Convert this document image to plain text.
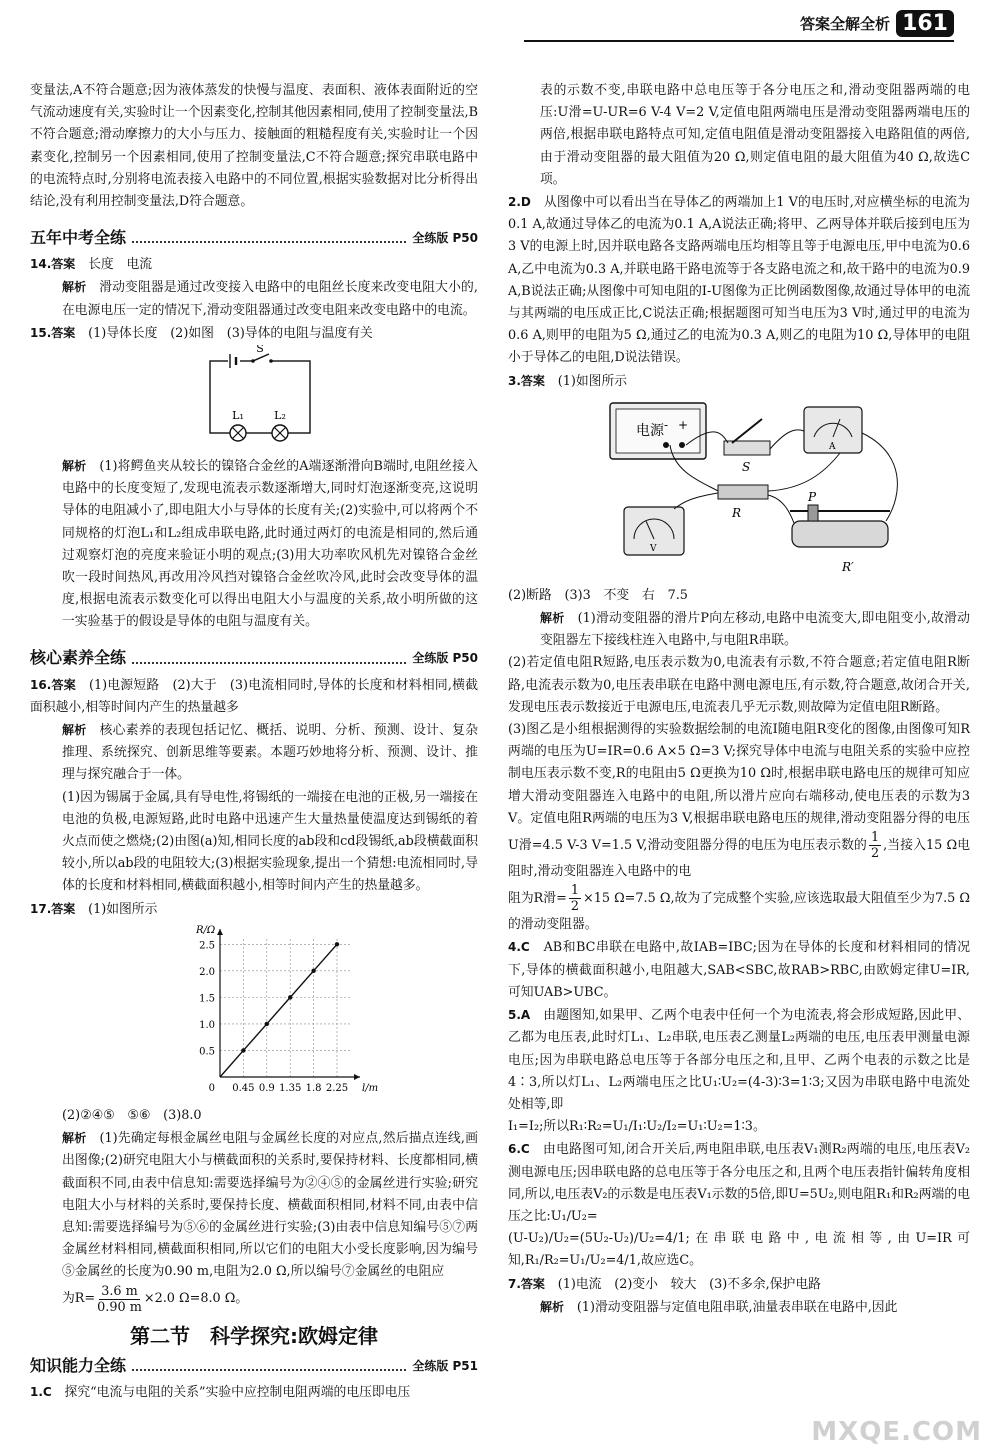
答案全解全析 161

变量法,A不符合题意;因为液体蒸发的快慢与温度、表面积、液体表面附近的空气流动速度有关,实验时让一个因素变化,控制其他因素相同,使用了控制变量法,B不符合题意;滑动摩擦力的大小与压力、接触面的粗糙程度有关,实验时让一个因素变化,控制另一个因素相同,使用了控制变量法,C不符合题意;探究串联电路中的电流特点时,分别将电流表接入电路中的不同位置,根据实验数据对比分析得出结论,没有利用控制变量法,D符合题意。

五年中考全练	全练版 P50

14.答案　 长度　电流

解析　 滑动变阻器是通过改变接入电路中的电阻丝长度来改变电阻大小的,在电源电压一定的情况下,滑动变阻器通过改变电阻来改变电路中的电流。

15.答案　 (1)导体长度　(2)如图　(3)导体的电阻与温度有关

S
L₁	L₂

解析　 (1)将鳄鱼夹从较长的镍铬合金丝的A端逐渐滑向B端时,电阻丝接入电路中的长度变短了,发现电流表示数逐渐增大,同时灯泡逐渐变亮,这说明导体的电阻减小了,即电阻大小与导体的长度有关;(2)实验中,可以将两个不同规格的灯泡L₁和L₂组成串联电路,此时通过两灯的电流是相同的,然后通过观察灯泡的亮度来验证小明的观点;(3)用大功率吹风机先对镍铬合金丝吹一段时间热风,再改用冷风挡对镍铬合金丝吹冷风,此时会改变导体的温度,根据电流表示数变化可以得出电阻大小与温度的关系,故小明所做的这一实验基于的假设是导体的电阻与温度有关。

核心素养全练	全练版 P50

16.答案　 (1)电源短路　(2)大于　(3)电流相同时,导体的长度和材料相同,横截面积越小,相等时间内产生的热量越多

解析　 核心素养的表现包括记忆、概括、说明、分析、预测、设计、复杂推理、系统探究、创新思维等要素。本题巧妙地将分析、预测、设计、推理与探究融合于一体。

(1)因为锡属于金属,具有导电性,将锡纸的一端接在电池的正极,另一端接在电池的负极,电源短路,此时电路中迅速产生大量热量使温度达到锡纸的着火点而使之燃烧;(2)由图(a)知,相同长度的ab段和cd段锡纸,ab段横截面积较小,所以ab段的电阻较大;(3)根据实验现象,提出一个猜想:电流相同时,导体的长度和材料相同,横截面积越小,相等时间内产生的热量越多。

17.答案　 (1)如图所示

0.45 0.9 1.35 1.8 2.25
0.5
1.0
1.5
2.0
2.5
0
R/Ω
l/m

(2)②④⑤　⑤⑥　(3)8.0

解析　 (1)先确定每根金属丝电阻与金属丝长度的对应点,然后描点连线,画出图像;(2)研究电阻大小与横截面积的关系时,要保持材料、长度都相同,横截面积不同,由表中信息知:需要选择编号为②④⑤的金属丝进行实验;研究电阻大小与材料的关系时,要保持长度、横截面积相同,材料不同,由表中信息知:需要选择编号为⑤⑥的金属丝进行实验;(3)由表中信息知编号⑤⑦两金属丝材料相同,横截面积相同,所以它们的电阻大小受长度影响,因为编号⑤金属丝的长度为0.90 m,电阻为2.0 Ω,所以编号⑦金属丝的电阻应

为$R= \frac{3.6 m}{0.90 m} \times 2.0$ Ω=8.0 Ω。

第二节　科学探究:欧姆定律
知识能力全练	全练版 P51

1.C　 探究“电流与电阻的关系”实验中应控制电阻两端的电压即电压

表的示数不变,串联电路中总电压等于各分电压之和,滑动变阻器两端的电压:U滑=U-UR=6 V-4 V=2 V,定值电阻两端电压是滑动变阻器两端电压的两倍,根据串联电路特点可知,定值电阻值是滑动变阻器接入电路阻值的两倍,由于滑动变阻器的最大阻值为20 Ω,则定值电阻的最大阻值为40 Ω,故选C项。

2.D　 从图像中可以看出当在导体乙的两端加上1 V的电压时,对应横坐标的电流为0.1 A,故通过导体乙的电流为0.1 A,A说法正确;将甲、乙两导体并联后接到电压为3 V的电源上时,因并联电路各支路两端电压均相等且等于电源电压,甲中电流为0.6 A,乙中电流为0.3 A,并联电路干路电流等于各支路电流之和,故干路中的电流为0.9 A,B说法正确;从图像中可知电阻的I-U图像为正比例函数图像,故通过导体甲的电流与其两端的电压成正比,C说法正确;根据题图可知当电压为3 V时,通过甲的电流为0.6 A,则甲的电阻为5 Ω,通过乙的电流为0.3 A,则乙的电阻为10 Ω,导体甲的电阻小于导体乙的电阻,D说法错误。

3.答案　 (1)如图所示

电源 - +
S
A
R
V
P
R′

(2)断路　(3)3　不变　右　7.5

解析　 (1)滑动变阻器的滑片P向左移动,电路中电流变大,即电阻变小,故滑动变阻器左下接线柱连入电路中,与电阻R串联。

(2)若定值电阻R短路,电压表示数为0,电流表有示数,不符合题意;若定值电阻R断路,电流表示数为0,电压表串联在电路中测电源电压,有示数,符合题意,故闭合开关,发现电压表示数接近于电源电压,电流表几乎无示数,则故障为定值电阻R断路。

(3)图乙是小组根据测得的实验数据绘制的电流I随电阻R变化的图像,由图像可知R两端的电压为U=IR=0.6 A×5 Ω=3 V;探究导体中电流与电阻关系的实验中应控制电压表示数不变,R的电阻由5 Ω更换为10 Ω时,根据串联电路电压的规律可知应增大滑动变阻器连入电路中的电阻,所以滑片应向右端移动,使电压表的示数为3 V。定值电阻R两端的电压为3 V,根据串联电路电压的规律,滑动变阻器分得的电压U滑=4.5 V-3 V=1.5 V,滑动变阻器分得的电压为电压表示数的 $\frac{1}{2}$ ,当接入15 Ω电阻时,滑动变阻器连入电路中的电

阻为R滑= $\frac{1}{2} \times 15$ Ω=7.5 Ω,故为了完成整个实验,应该选取最大阻值至少为7.5 Ω的滑动变阻器。

4.C　 AB和BC串联在电路中,故IAB=IBC;因为在导体的长度和材料相同的情况下,导体的横截面积越小,电阻越大,SAB<SBC,故RAB>RBC,由欧姆定律U=IR,可知UAB>UBC。

5.A　 由题图知,如果甲、乙两个电表中任何一个为电流表,将会形成短路,因此甲、乙都为电压表,此时灯L₁、L₂串联,电压表乙测量L₂两端的电压,电压表甲测量电源电压;因为串联电路总电压等于各部分电压之和,且甲、乙两个电表的示数之比是4∶3,所以灯L₁、L₂两端电压之比U₁∶U₂=(4-3)∶3=1∶3;又因为串联电路中电流处处相等,即

I₁=I₂;所以R₁∶R₂=U₁/I₁∶U₂/I₂=U₁∶U₂=1∶3。

6.C　 由电路图可知,闭合开关后,两电阻串联,电压表V₁测R₂两端的电压,电压表V₂测电源电压;因串联电路的总电压等于各分电压之和,且两个电压表指针偏转角度相同,所以,电压表V₂的示数是电压表V₁示数的5倍,即U=5U₂,则电阻R₁和R₂两端的电压之比:U₁/U₂=

(U-U₂)/U₂=(5U₂-U₂)/U₂=4/1;在串联电路中,电流相等,由U=IR可知,R₁/R₂=U₁/U₂=4/1,故应选C。

7.答案　 (1)电流　(2)变小　较大　(3)不多余,保护电路

解析　 (1)滑动变阻器与定值电阻串联,油量表串联在电路中,因此

MXQE.COM
